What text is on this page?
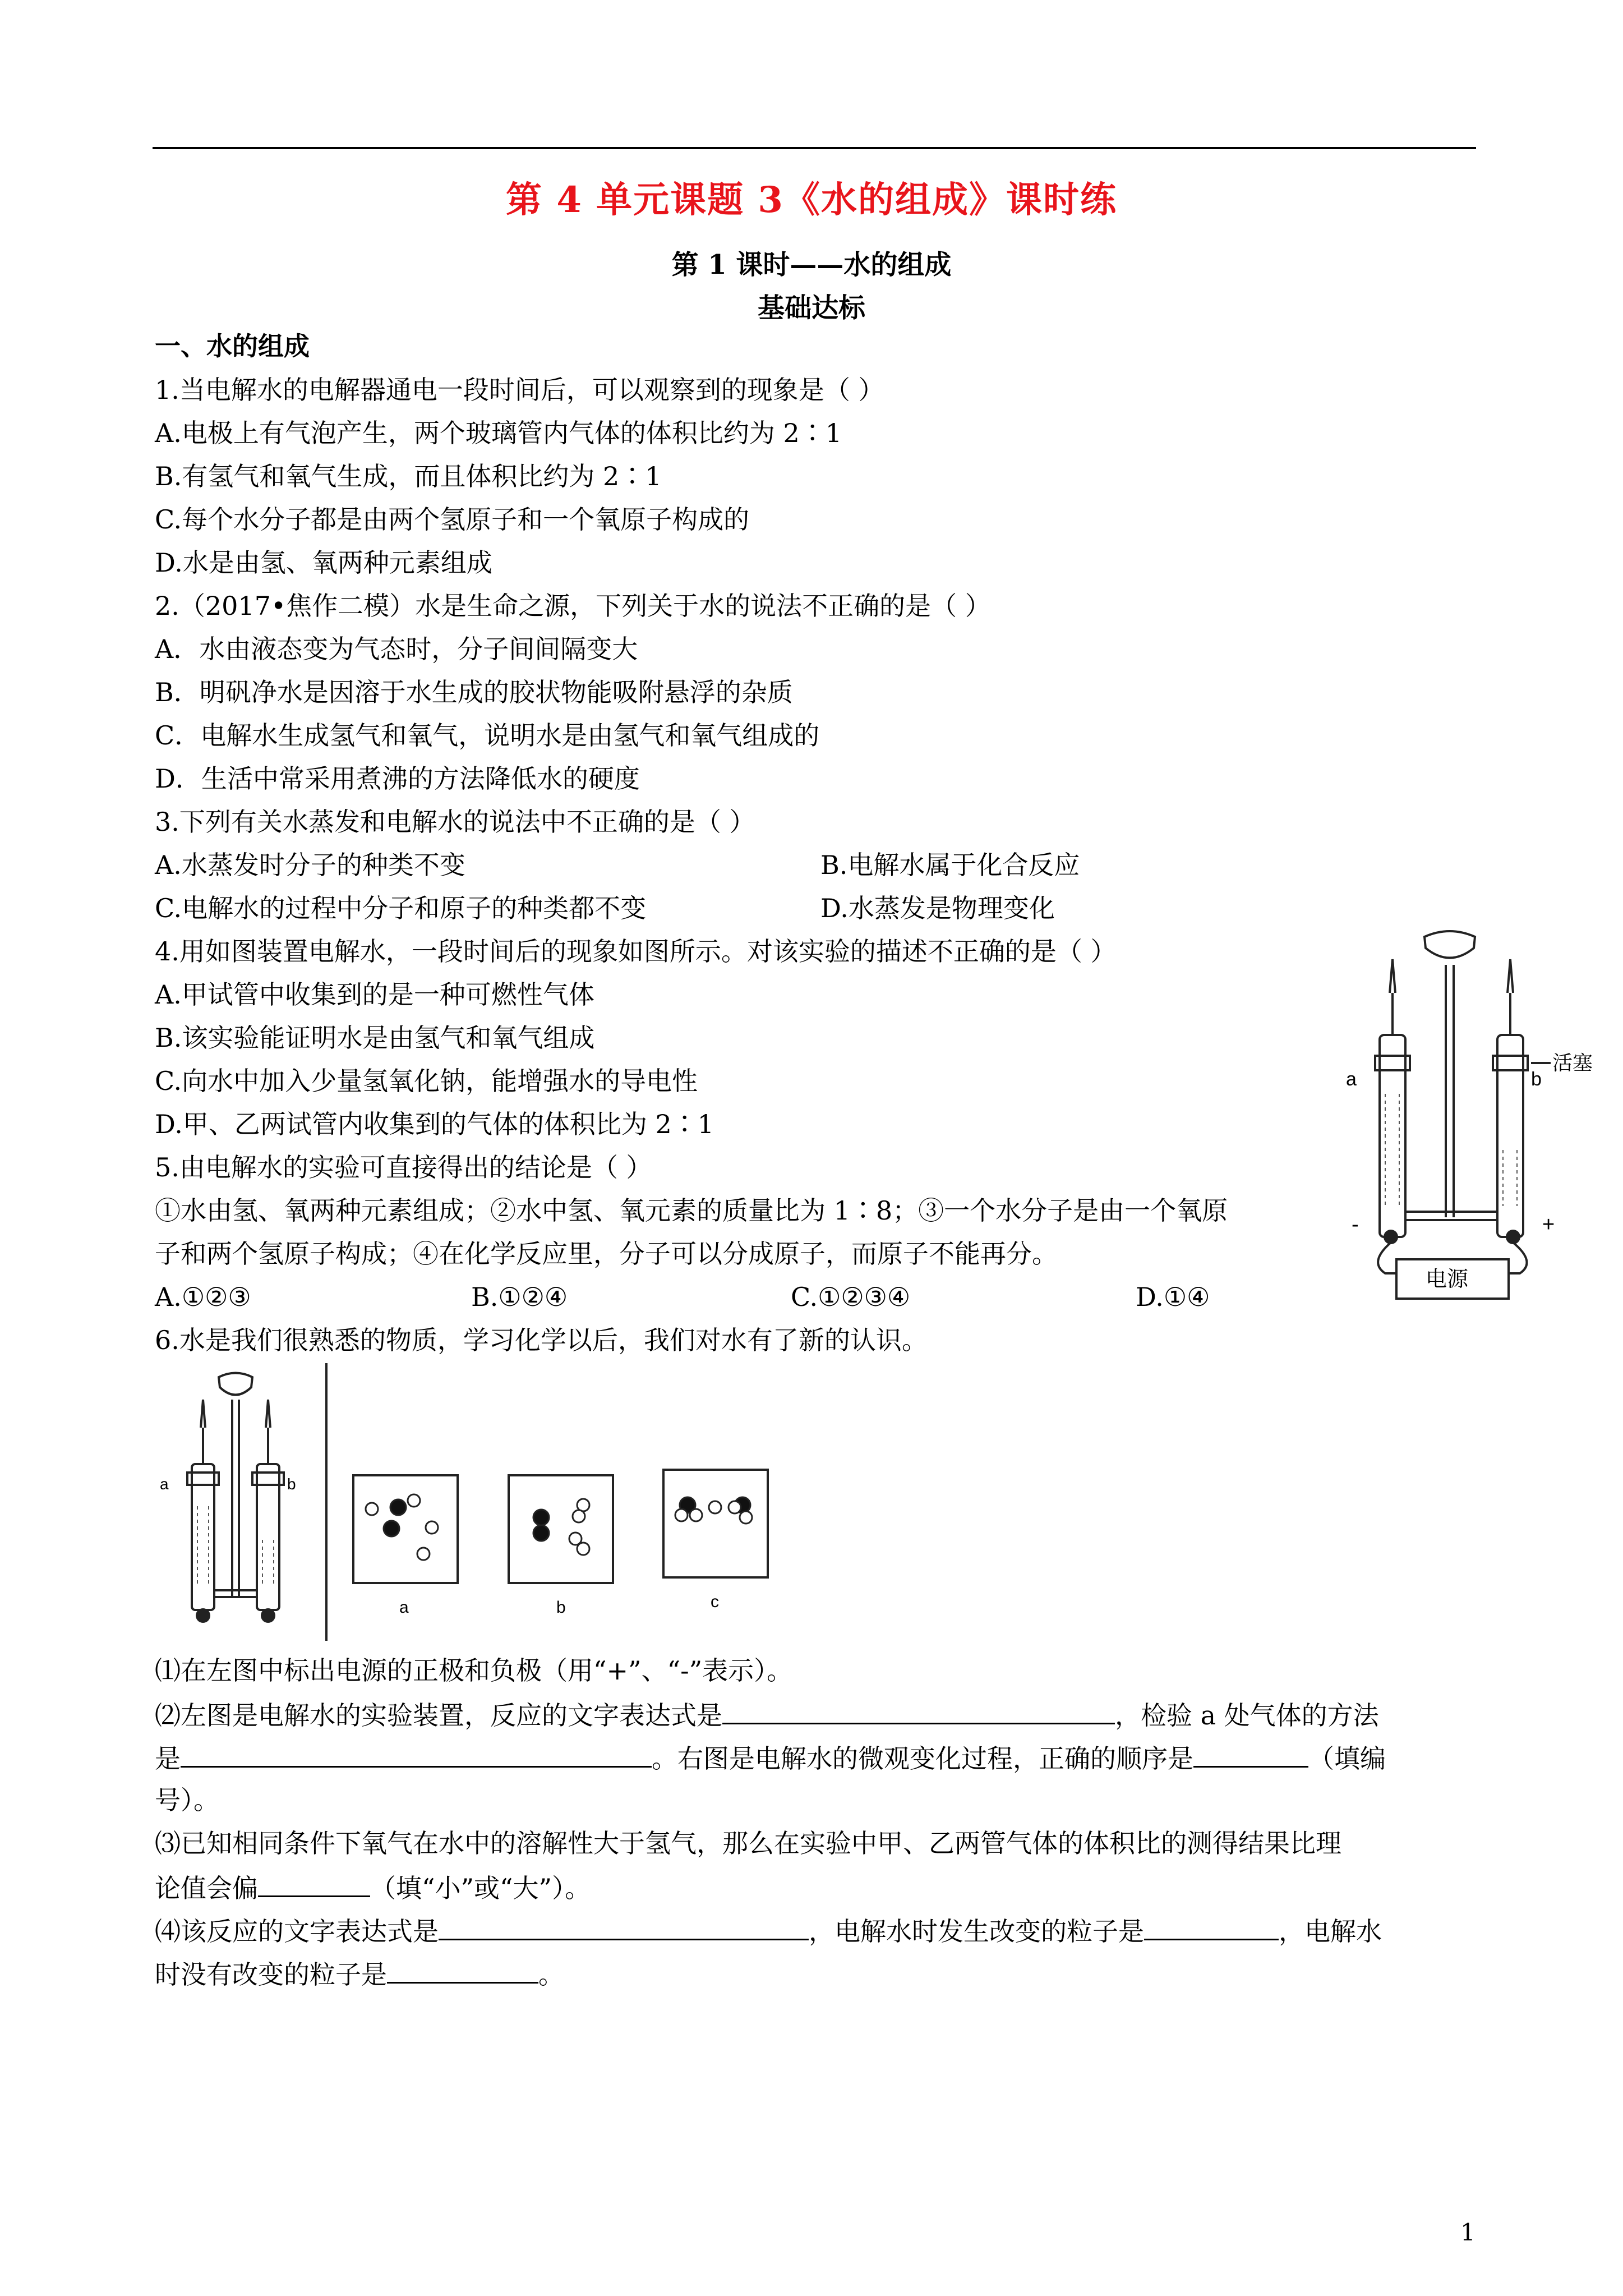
第 4 单元课题 3《水的组成》课时练
第 1 课时——水的组成
基础达标
一、水的组成
1.当电解水的电解器通电一段时间后，可以观察到的现象是（ ）
A.电极上有气泡产生，两个玻璃管内气体的体积比约为 2∶1
B.有氢气和氧气生成，而且体积比约为 2∶1
C.每个水分子都是由两个氢原子和一个氧原子构成的
D.水是由氢、氧两种元素组成
2.（2017•焦作二模）水是生命之源，下列关于水的说法不正确的是（ ）
A．水由液态变为气态时，分子间间隔变大
B．明矾净水是因溶于水生成的胶状物能吸附悬浮的杂质
C．电解水生成氢气和氧气，说明水是由氢气和氧气组成的
D．生活中常采用煮沸的方法降低水的硬度
3.下列有关水蒸发和电解水的说法中不正确的是（ ）
A.水蒸发时分子的种类不变	B.电解水属于化合反应
C.电解水的过程中分子和原子的种类都不变	D.水蒸发是物理变化
4.用如图装置电解水，一段时间后的现象如图所示。对该实验的描述不正确的是（ ）
A.甲试管中收集到的是一种可燃性气体
B.该实验能证明水是由氢气和氧气组成
C.向水中加入少量氢氧化钠，能增强水的导电性
D.甲、乙两试管内收集到的气体的体积比为 2∶1
5.由电解水的实验可直接得出的结论是（ ）
①水由氢、氧两种元素组成；②水中氢、氧元素的质量比为 1∶8；③一个水分子是由一个氧原
子和两个氢原子构成；④在化学反应里，分子可以分成原子，而原子不能再分。
A.①②③	B.①②④	C.①②③④	D.①④
a	b
活塞
-	+
电源
6.水是我们很熟悉的物质，学习化学以后，我们对水有了新的认识。
a	b
a	b	c
⑴在左图中标出电源的正极和负极（用“+”、“-”表示）。
⑵左图是电解水的实验装置，反应的文字表达式是	，检验 a 处气体的方法
是	。右图是电解水的微观变化过程，正确的顺序是	（填编
号）。
⑶已知相同条件下氧气在水中的溶解性大于氢气，那么在实验中甲、乙两管气体的体积比的测得结果比理
论值会偏	（填“小”或“大”）。
⑷该反应的文字表达式是	，电解水时发生改变的粒子是	，电解水
时没有改变的粒子是	。
1
